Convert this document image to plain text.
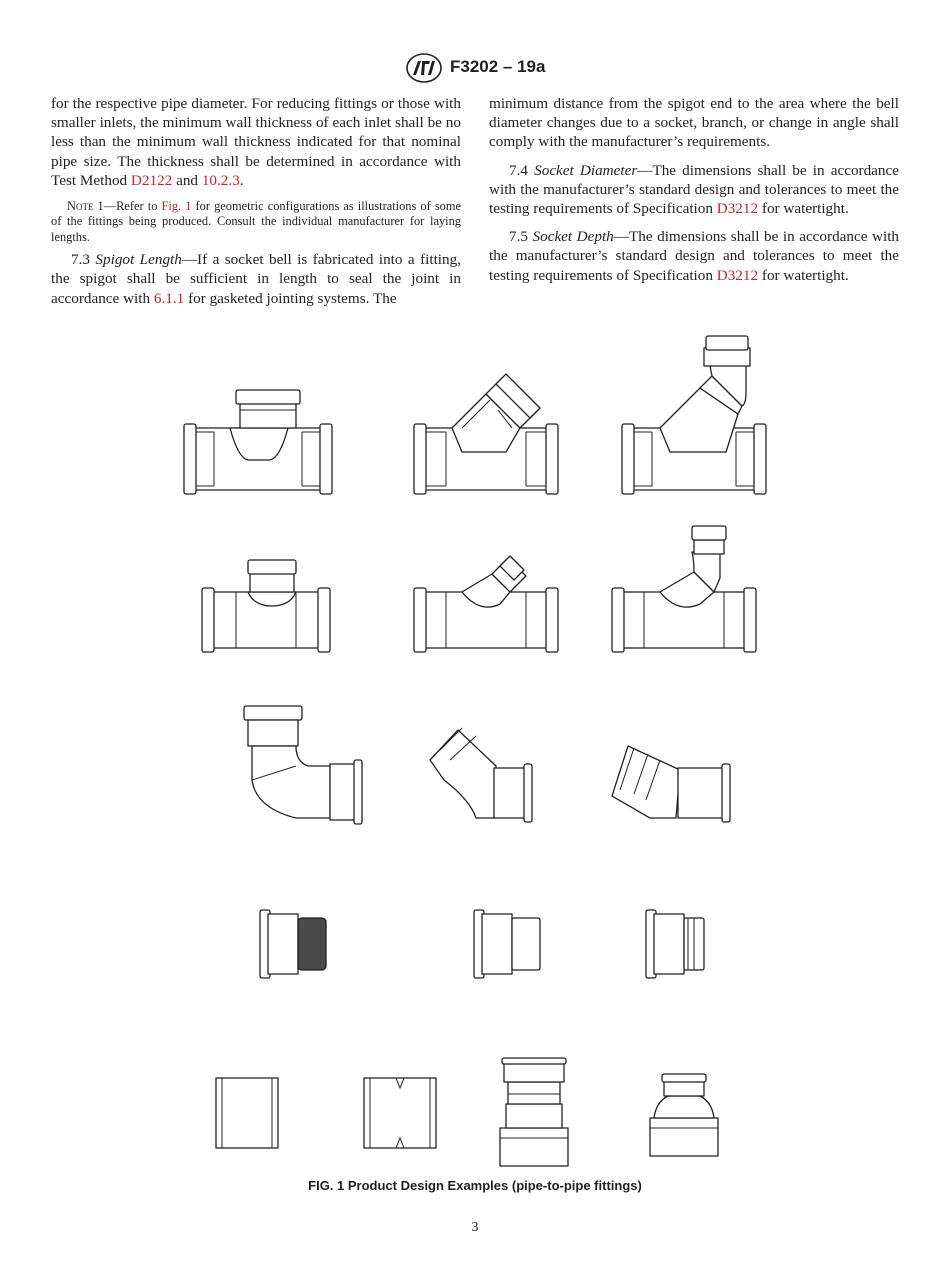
F3202 – 19a

for the respective pipe diameter. For reducing fittings or those with smaller inlets, the minimum wall thickness of each inlet shall be no less than the minimum wall thickness indicated for that nominal pipe size. The thickness shall be determined in accordance with Test Method D2122 and 10.2.3.

Note 1—Refer to Fig. 1 for geometric configurations as illustrations of some of the fittings being produced. Consult the individual manufacturer for laying lengths.

7.3 Spigot Length—If a socket bell is fabricated into a fitting, the spigot shall be sufficient in length to seal the joint in accordance with 6.1.1 for gasketed jointing systems. The

minimum distance from the spigot end to the area where the bell diameter changes due to a socket, branch, or change in angle shall comply with the manufacturer’s requirements.

7.4 Socket Diameter—The dimensions shall be in accordance with the manufacturer’s standard design and tolerances to meet the testing requirements of Specification D3212 for watertight.

7.5 Socket Depth—The dimensions shall be in accordance with the manufacturer’s standard design and tolerances to meet the testing requirements of Specification D3212 for watertight.

FIG. 1 Product Design Examples (pipe-to-pipe fittings)
3
